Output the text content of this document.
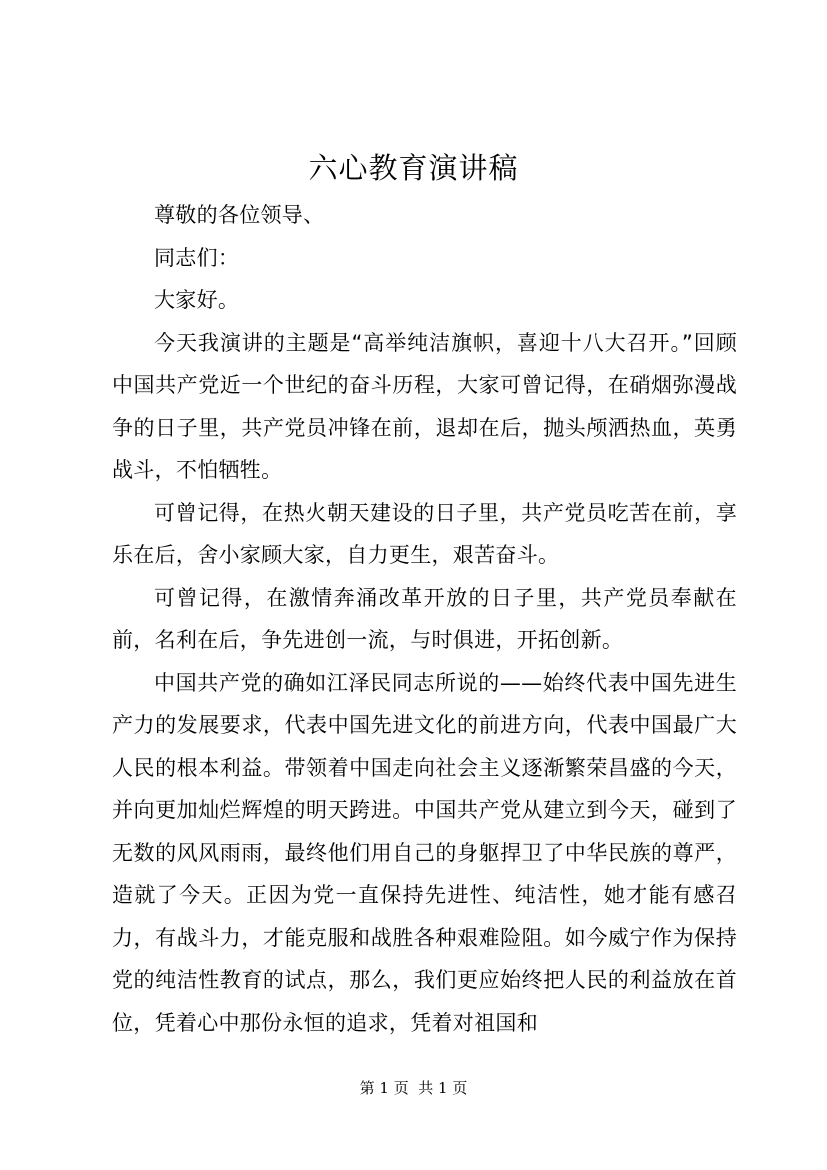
六心教育演讲稿

尊敬的各位领导、

同志们：

大家好。

今天我演讲的主题是“高举纯洁旗帜，喜迎十八大召开。”回顾中国共产党近一个世纪的奋斗历程，大家可曾记得，在硝烟弥漫战争的日子里，共产党员冲锋在前，退却在后，抛头颅洒热血，英勇战斗，不怕牺牲。

可曾记得，在热火朝天建设的日子里，共产党员吃苦在前，享乐在后，舍小家顾大家，自力更生，艰苦奋斗。

可曾记得，在激情奔涌改革开放的日子里，共产党员奉献在前，名利在后，争先进创一流，与时俱进，开拓创新。

中国共产党的确如江泽民同志所说的——始终代表中国先进生产力的发展要求，代表中国先进文化的前进方向，代表中国最广大人民的根本利益。带领着中国走向社会主义逐渐繁荣昌盛的今天，并向更加灿烂辉煌的明天跨进。中国共产党从建立到今天，碰到了无数的风风雨雨，最终他们用自己的身躯捍卫了中华民族的尊严，造就了今天。正因为党一直保持先进性、纯洁性，她才能有感召力，有战斗力，才能克服和战胜各种艰难险阻。如今威宁作为保持党的纯洁性教育的试点，那么，我们更应始终把人民的利益放在首位，凭着心中那份永恒的追求，凭着对祖国和

第 1 页  共 1 页
